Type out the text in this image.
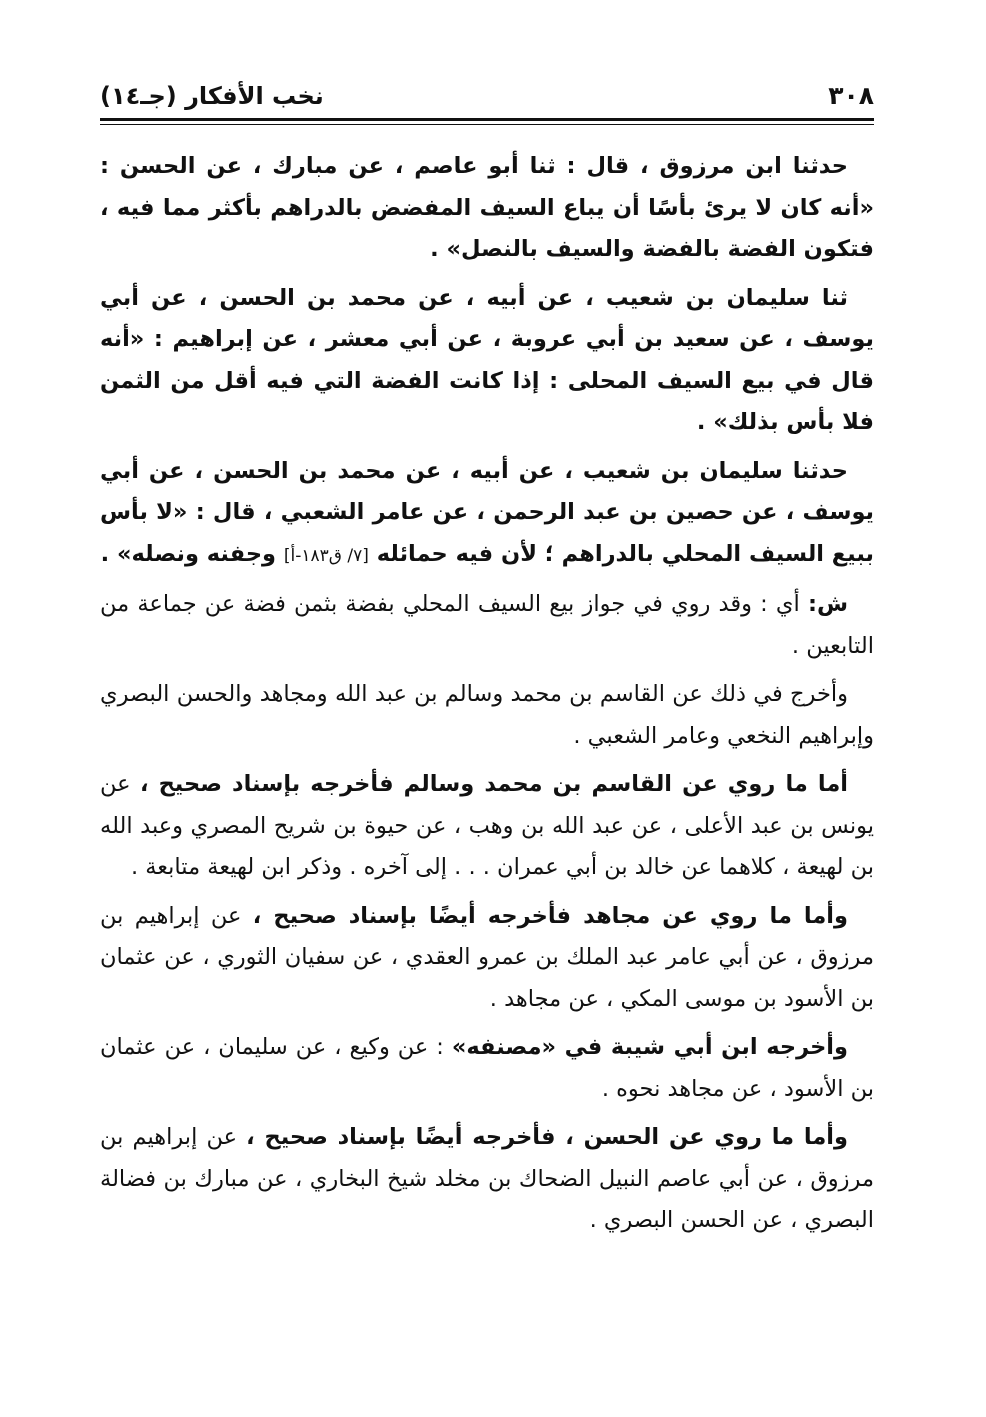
٣٠٨
نخب الأفكار (جـ١٤)

حدثنا ابن مرزوق ، قال : ثنا أبو عاصم ، عن مبارك ، عن الحسن : «أنه كان لا يرئ بأسًا أن يباع السيف المفضض بالدراهم بأكثر مما فيه ، فتكون الفضة بالفضة والسيف بالنصل» .

ثنا سليمان بن شعيب ، عن أبيه ، عن محمد بن الحسن ، عن أبي يوسف ، عن سعيد بن أبي عروبة ، عن أبي معشر ، عن إبراهيم : «أنه قال في بيع السيف المحلى : إذا كانت الفضة التي فيه أقل من الثمن فلا بأس بذلك» .

حدثنا سليمان بن شعيب ، عن أبيه ، عن محمد بن الحسن ، عن أبي يوسف ، عن حصين بن عبد الرحمن ، عن عامر الشعبي ، قال : «لا بأس ببيع السيف المحلي بالدراهم ؛ لأن فيه حمائله [٧/ ق١٨٣-أ] وجفنه ونصله» .

ش: أي : وقد روي في جواز بيع السيف المحلي بفضة بثمن فضة عن جماعة من التابعين .

وأخرج في ذلك عن القاسم بن محمد وسالم بن عبد الله ومجاهد والحسن البصري وإبراهيم النخعي وعامر الشعبي .

أما ما روي عن القاسم بن محمد وسالم فأخرجه بإسناد صحيح ، عن يونس بن عبد الأعلى ، عن عبد الله بن وهب ، عن حيوة بن شريح المصري وعبد الله بن لهيعة ، كلاهما عن خالد بن أبي عمران . . . إلى آخره . وذكر ابن لهيعة متابعة .

وأما ما روي عن مجاهد فأخرجه أيضًا بإسناد صحيح ، عن إبراهيم بن مرزوق ، عن أبي عامر عبد الملك بن عمرو العقدي ، عن سفيان الثوري ، عن عثمان بن الأسود بن موسى المكي ، عن مجاهد .

وأخرجه ابن أبي شيبة في «مصنفه» : عن وكيع ، عن سليمان ، عن عثمان بن الأسود ، عن مجاهد نحوه .

وأما ما روي عن الحسن ، فأخرجه أيضًا بإسناد صحيح ، عن إبراهيم بن مرزوق ، عن أبي عاصم النبيل الضحاك بن مخلد شيخ البخاري ، عن مبارك بن فضالة البصري ، عن الحسن البصري .
